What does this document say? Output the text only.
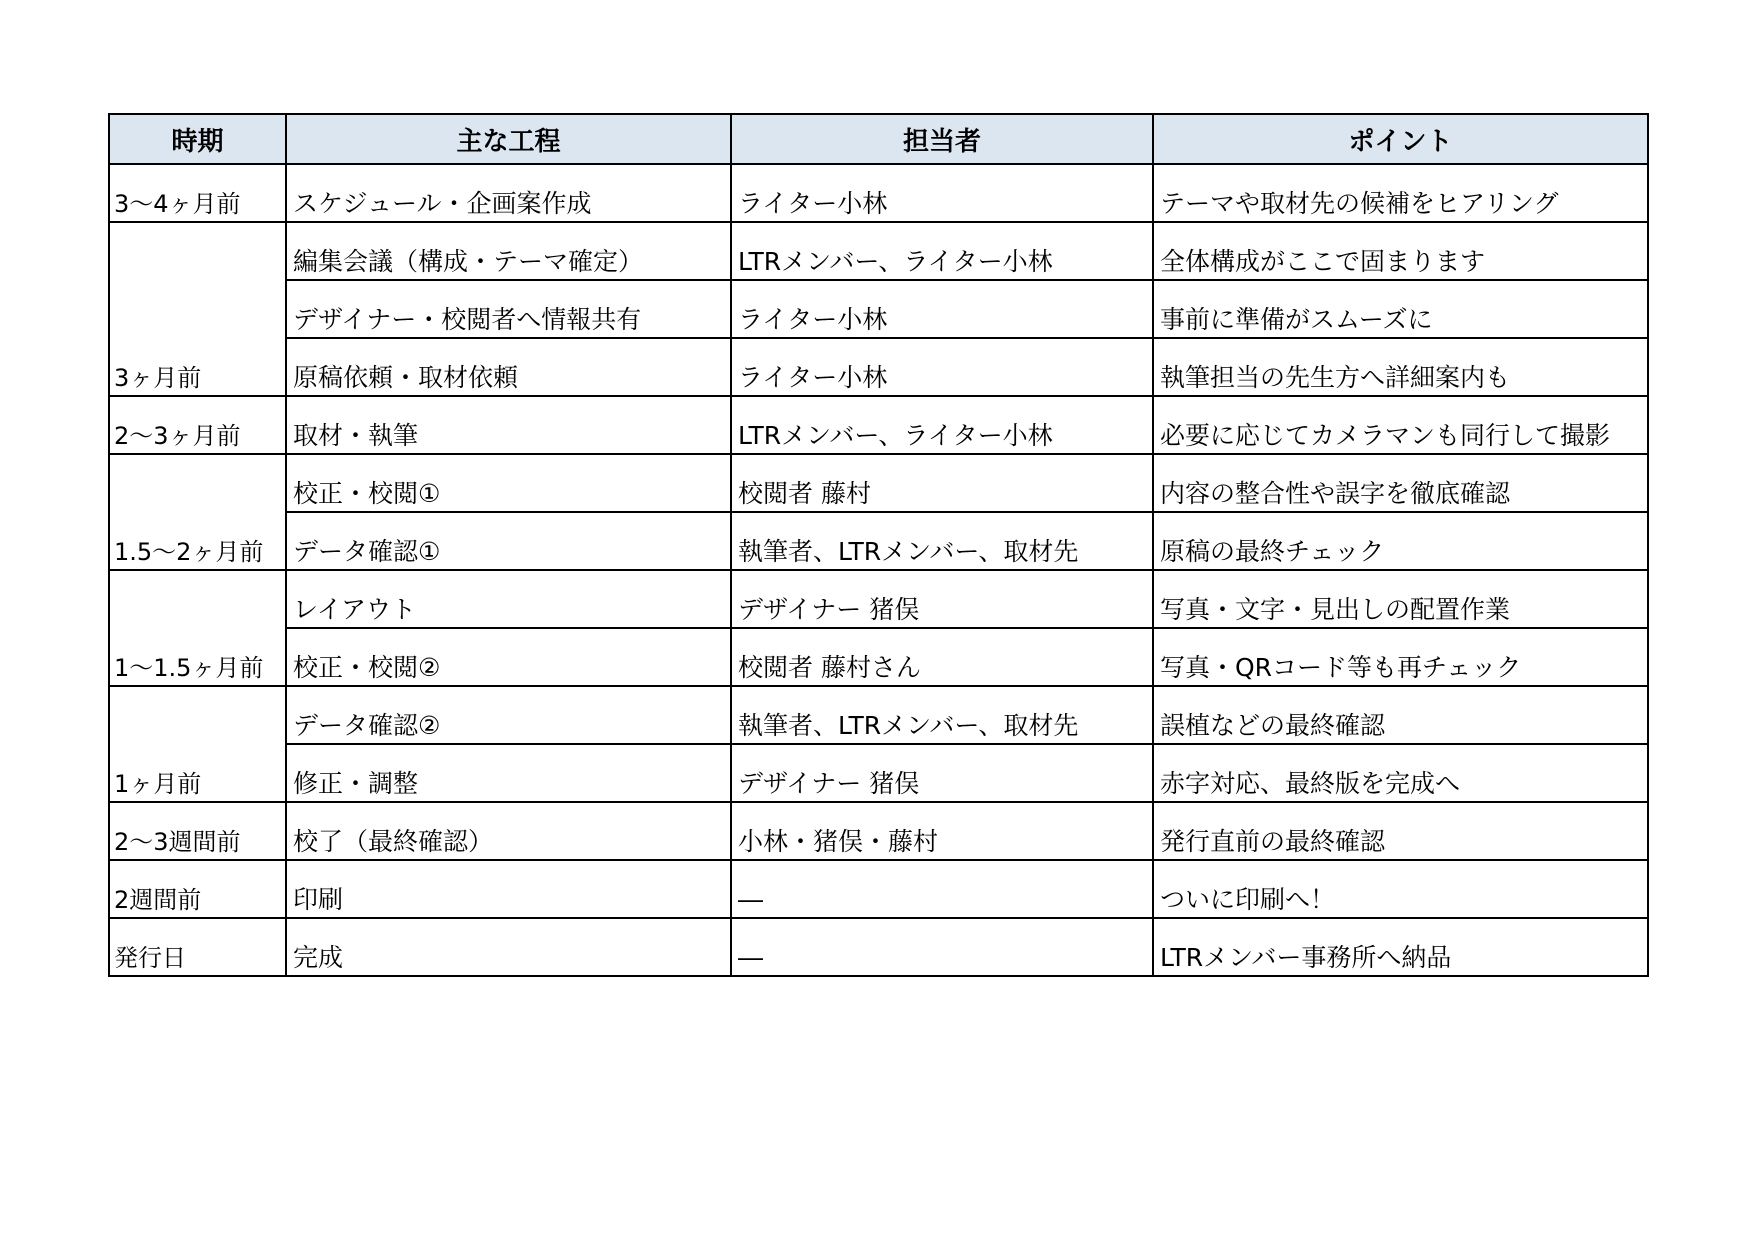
時期	主な工程	担当者	ポイント
3〜4ヶ月前	スケジュール・企画案作成	ライター小林	テーマや取材先の候補をヒアリング
	編集会議（構成・テーマ確定）	LTRメンバー、ライター小林	全体構成がここで固まります
	デザイナー・校閲者へ情報共有	ライター小林	事前に準備がスムーズに
3ヶ月前	原稿依頼・取材依頼	ライター小林	執筆担当の先生方へ詳細案内も
2〜3ヶ月前	取材・執筆	LTRメンバー、ライター小林	必要に応じてカメラマンも同行して撮影
	校正・校閲①	校閲者 藤村	内容の整合性や誤字を徹底確認
1.5〜2ヶ月前	データ確認①	執筆者、LTRメンバー、取材先	原稿の最終チェック
	レイアウト	デザイナー 猪俣	写真・文字・見出しの配置作業
1〜1.5ヶ月前	校正・校閲②	校閲者 藤村さん	写真・QRコード等も再チェック
	データ確認②	執筆者、LTRメンバー、取材先	誤植などの最終確認
1ヶ月前	修正・調整	デザイナー 猪俣	赤字対応、最終版を完成へ
2〜3週間前	校了（最終確認）	小林・猪俣・藤村	発行直前の最終確認
2週間前	印刷	―	ついに印刷へ！
発行日	完成	―	LTRメンバー事務所へ納品
